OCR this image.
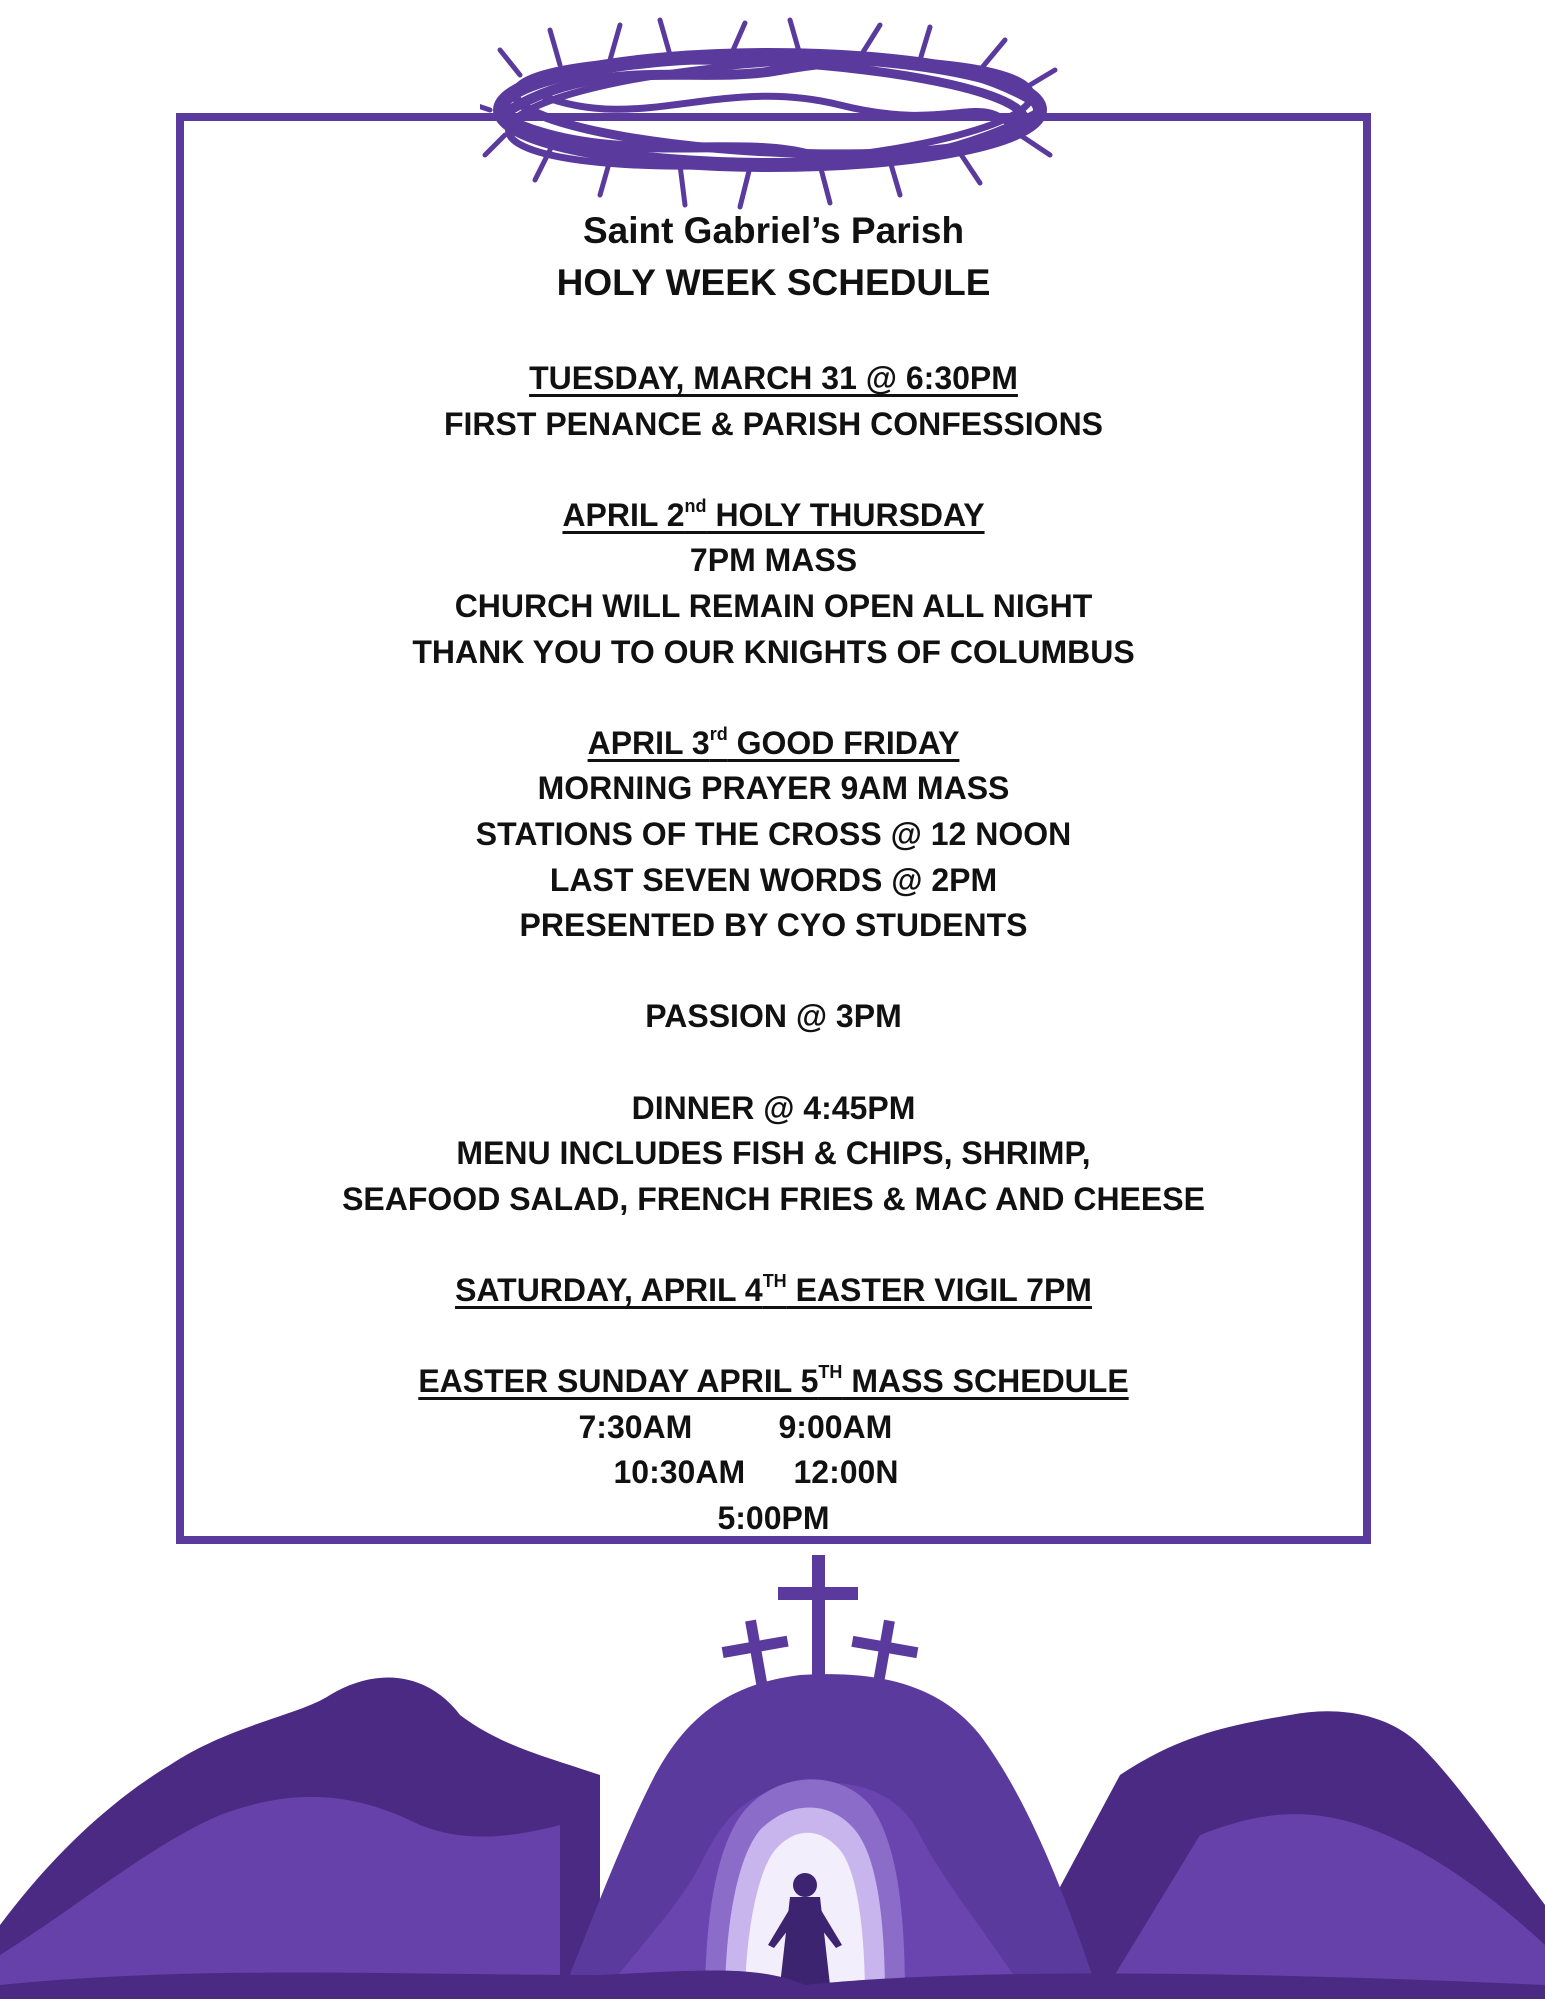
Saint Gabriel’s Parish
HOLY WEEK SCHEDULE
TUESDAY, MARCH 31 @ 6:30PM
FIRST PENANCE & PARISH CONFESSIONS
APRIL 2nd HOLY THURSDAY
7PM MASS
CHURCH WILL REMAIN OPEN ALL NIGHT
THANK YOU TO OUR KNIGHTS OF COLUMBUS
APRIL 3rd GOOD FRIDAY
MORNING PRAYER 9AM MASS
STATIONS OF THE CROSS @ 12 NOON
LAST SEVEN WORDS @ 2PM
PRESENTED BY CYO STUDENTS
PASSION @ 3PM
DINNER @ 4:45PM
MENU INCLUDES FISH & CHIPS, SHRIMP,
SEAFOOD SALAD, FRENCH FRIES & MAC AND CHEESE
SATURDAY, APRIL 4TH EASTER VIGIL 7PM
EASTER SUNDAY APRIL 5TH MASS SCHEDULE
7:30AM	9:00AM
10:30AM	12:00N
5:00PM
